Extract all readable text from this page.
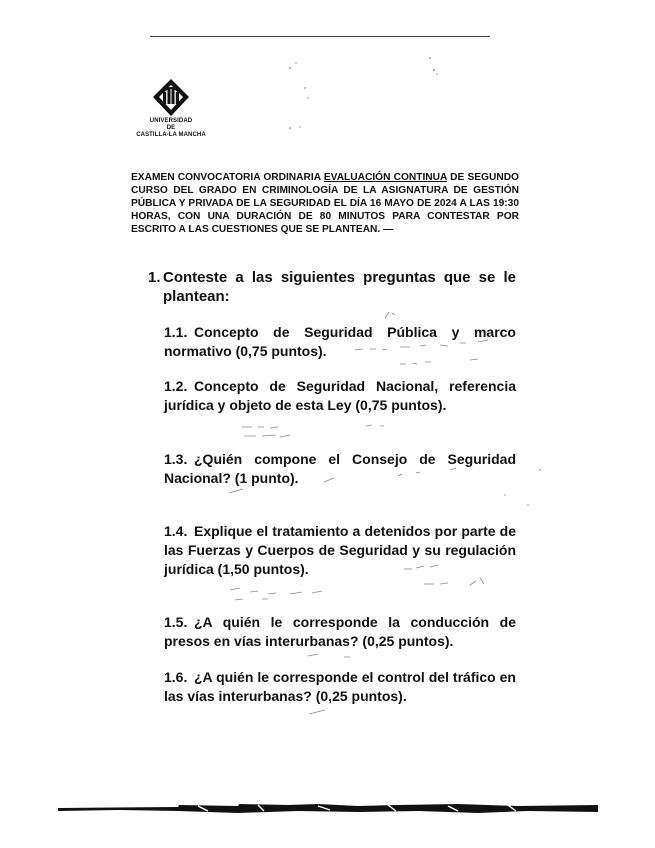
UNIVERSIDAD
DE
CASTILLA-LA MANCHA
EXAMEN CONVOCATORIA ORDINARIA EVALUACIÓN CONTINUA DE SEGUNDO CURSO DEL GRADO EN CRIMINOLOGÍA DE LA ASIGNATURA DE GESTIÓN PÚBLICA Y PRIVADA DE LA SEGURIDAD EL DÍA 16 MAYO DE 2024 A LAS 19:30 HORAS, CON UNA DURACIÓN DE 80 MINUTOS PARA CONTESTAR POR ESCRITO A LAS CUESTIONES QUE SE PLANTEAN. —
1. Conteste a las siguientes preguntas que se le plantean:
1.1. Concepto de Seguridad Pública y marco normativo (0,75 puntos).
1.2. Concepto de Seguridad Nacional, referencia jurídica y objeto de esta Ley (0,75 puntos).
1.3. ¿Quién compone el Consejo de Seguridad Nacional? (1 punto).
1.4. Explique el tratamiento a detenidos por parte de las Fuerzas y Cuerpos de Seguridad y su regulación jurídica (1,50 puntos).
1.5. ¿A quién le corresponde la conducción de presos en vías interurbanas? (0,25 puntos).
1.6. ¿A quién le corresponde el control del tráfico en las vías interurbanas? (0,25 puntos).
